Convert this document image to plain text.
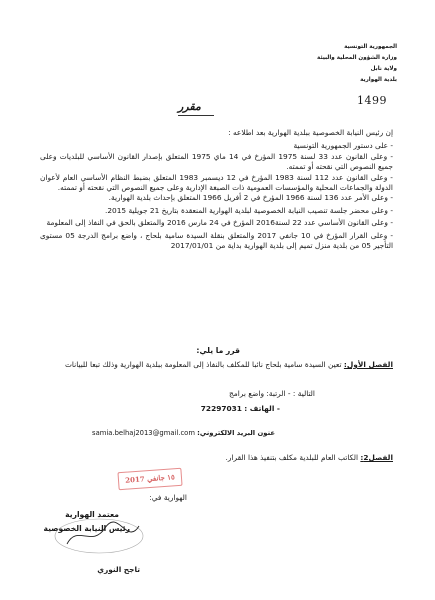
الجمهورية التونسية
وزارة الشؤون المحلية والبيئة
ولاية نابل
بلدية الهوارية
1499
مقرر
إن رئيس النيابة الخصوصية ببلدية الهوارية بعد اطلاعه :
- على دستور الجمهورية التونسية
- وعلى القانون عدد 33 لسنة 1975 المؤرخ في 14 ماي 1975 المتعلق بإصدار القانون الأساسي للبلديات وعلى جميع النصوص التي نقحته أو تممته.
- وعلى القانون عدد 112 لسنة 1983 المؤرخ في 12 ديسمبر 1983 المتعلق بضبط النظام الأساسي العام لأعوان الدولة والجماعات المحلية والمؤسسات العمومية ذات الصبغة الإدارية وعلى جميع النصوص التي نقحته أو تممته.
- وعلى الأمر عدد 136 لسنة 1966 المؤرخ في 2 أفريل 1966 المتعلق بإحداث بلدية الهوارية.
- وعلى محضر جلسة تنصيب النيابة الخصوصية لبلدية الهوارية المنعقدة بتاريخ 21 جويلية 2015.
- وعلى القانون الأساسي عدد 22 لسنة2016 المؤرخ في 24 مارس 2016 والمتعلق بالحق في النفاذ إلى المعلومة
- وعلى القرار المؤرخ في 10 جانفي 2017 والمتعلق بنقلة السيدة سامية بلحاج ، واضع برامج الدرجة 05 مستوى التأجير 05 من بلدية منزل تميم إلى بلدية الهوارية بداية من 2017/01/01
قرر ما يلي:
الفصل الأول: تعين السيدة سامية بلحاج نائبا للمكلف بالنفاذ إلى المعلومة ببلدية الهوارية وذلك تبعا للبيانات
التالية : - الرتبة: واضع برامج
- الهاتف : 72297031
عنون البريد الالكتروني: samia.belhaj2013@gmail.com
١٥ جانفي 2017
الفصل2: الكاتب العام للبلدية مكلف بتنفيذ هذا القرار.
الهوارية في:
معتمد الهوارية
رئيس النيابة الخصوصية
تاجح النوري
